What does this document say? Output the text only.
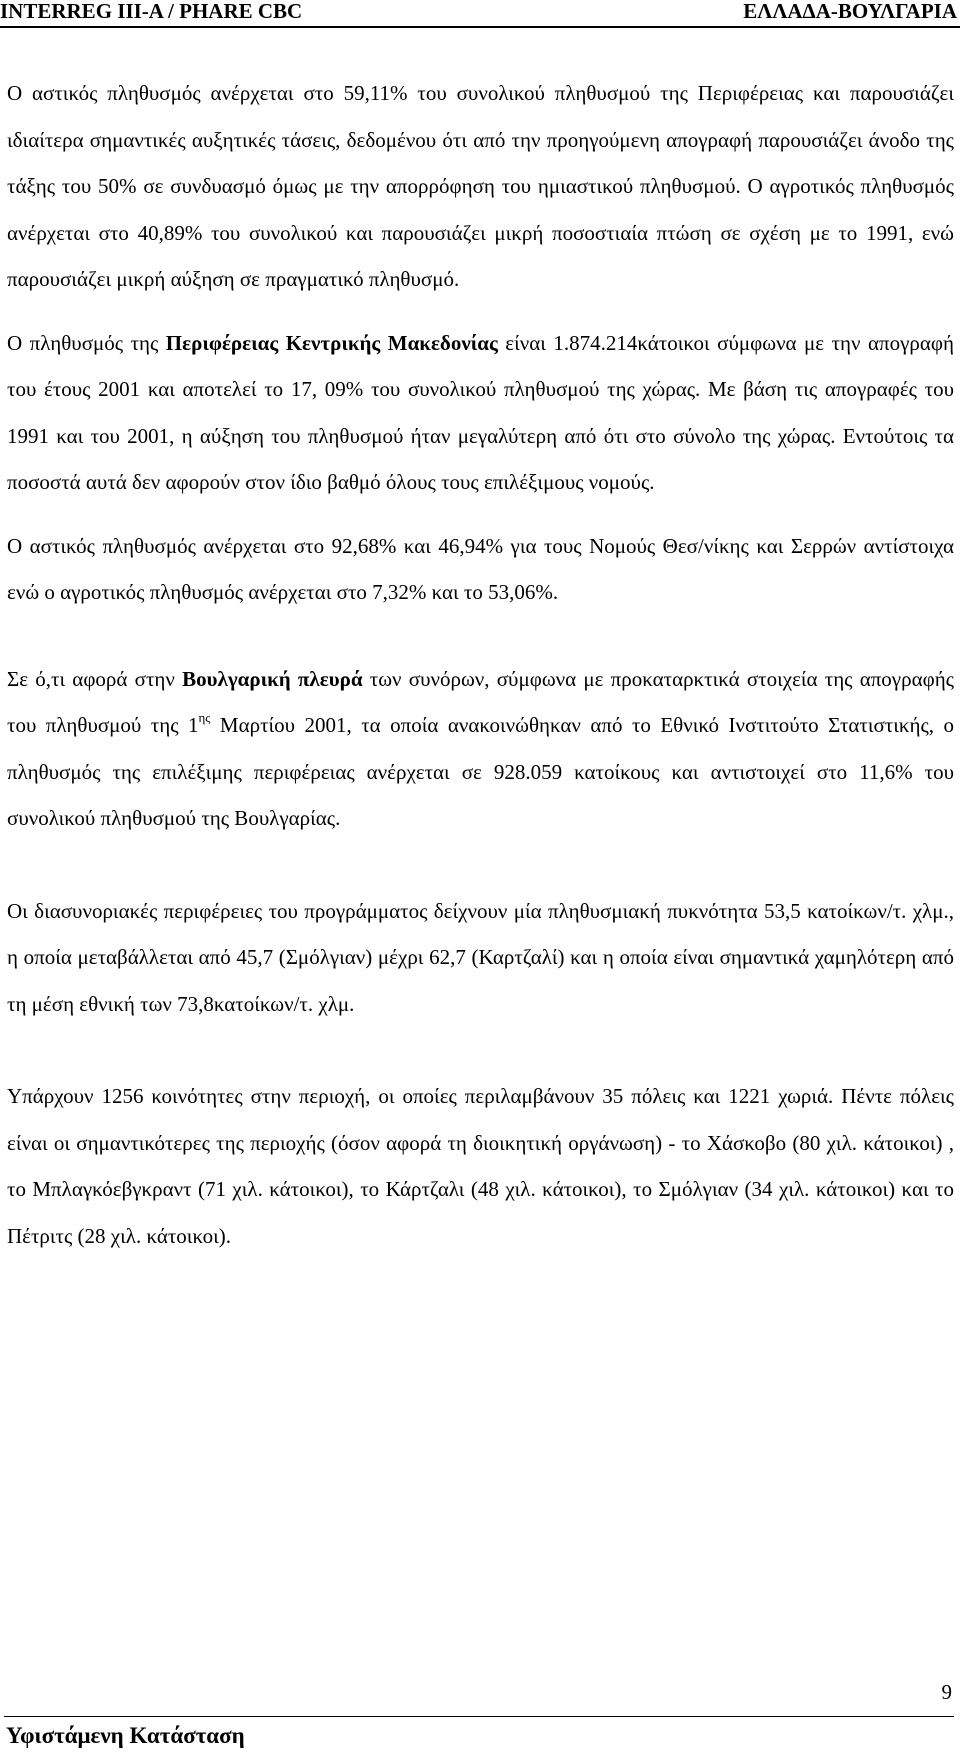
INTERREG III-A / PHARE CBC	ΕΛΛΑΔΑ-ΒΟΥΛΓΑΡΙΑ

Ο αστικός πληθυσμός ανέρχεται στο 59,11% του συνολικού πληθυσμού της Περιφέρειας και παρουσιάζει ιδιαίτερα σημαντικές αυξητικές τάσεις, δεδομένου ότι από την προηγούμενη απογραφή παρουσιάζει άνοδο της τάξης του 50% σε συνδυασμό όμως με την απορρόφηση του ημιαστικού πληθυσμού. Ο αγροτικός πληθυσμός ανέρχεται στο 40,89% του συνολικού και παρουσιάζει μικρή ποσοστιαία πτώση σε σχέση με το 1991, ενώ παρουσιάζει μικρή αύξηση σε πραγματικό πληθυσμό.

Ο πληθυσμός της Περιφέρειας Κεντρικής Μακεδονίας είναι 1.874.214κάτοικοι σύμφωνα με την απογραφή του έτους 2001 και αποτελεί το 17, 09% του συνολικού πληθυσμού της χώρας. Με βάση τις απογραφές του 1991 και του 2001, η αύξηση του πληθυσμού ήταν μεγαλύτερη από ότι στο σύνολο της χώρας. Εντούτοις τα ποσοστά αυτά δεν αφορούν στον ίδιο βαθμό όλους τους επιλέξιμους νομούς.

Ο αστικός πληθυσμός ανέρχεται στο 92,68% και 46,94% για τους Νομούς Θεσ/νίκης και Σερρών αντίστοιχα ενώ ο αγροτικός πληθυσμός ανέρχεται στο 7,32% και το 53,06%.

Σε ό,τι αφορά στην Βουλγαρική πλευρά των συνόρων, σύμφωνα με προκαταρκτικά στοιχεία της απογραφής του πληθυσμού της $1^{\eta\varsigma}$ Μαρτίου 2001, τα οποία ανακοινώθηκαν από το Εθνικό Ινστιτούτο Στατιστικής, ο πληθυσμός της επιλέξιμης περιφέρειας ανέρχεται σε 928.059 κατοίκους και αντιστοιχεί στο 11,6% του συνολικού πληθυσμού της Βουλγαρίας.

Οι διασυνοριακές περιφέρειες του προγράμματος δείχνουν μία πληθυσμιακή πυκνότητα 53,5 κατοίκων/τ. χλμ., η οποία μεταβάλλεται από 45,7 (Σμόλγιαν) μέχρι 62,7 (Καρτζαλί) και η οποία είναι σημαντικά χαμηλότερη από τη μέση εθνική των 73,8κατοίκων/τ. χλμ.

Υπάρχουν 1256 κοινότητες στην περιοχή, οι οποίες περιλαμβάνουν 35 πόλεις και 1221 χωριά. Πέντε πόλεις είναι οι σημαντικότερες της περιοχής (όσον αφορά τη διοικητική οργάνωση) - το Χάσκοβο (80 χιλ. κάτοικοι) , το Μπλαγκόεβγκραντ (71 χιλ. κάτοικοι), το Κάρτζαλι (48 χιλ. κάτοικοι), το Σμόλγιαν (34 χιλ. κάτοικοι) και το Πέτριτς (28 χιλ. κάτοικοι).

9
Υφιστάμενη Κατάσταση
